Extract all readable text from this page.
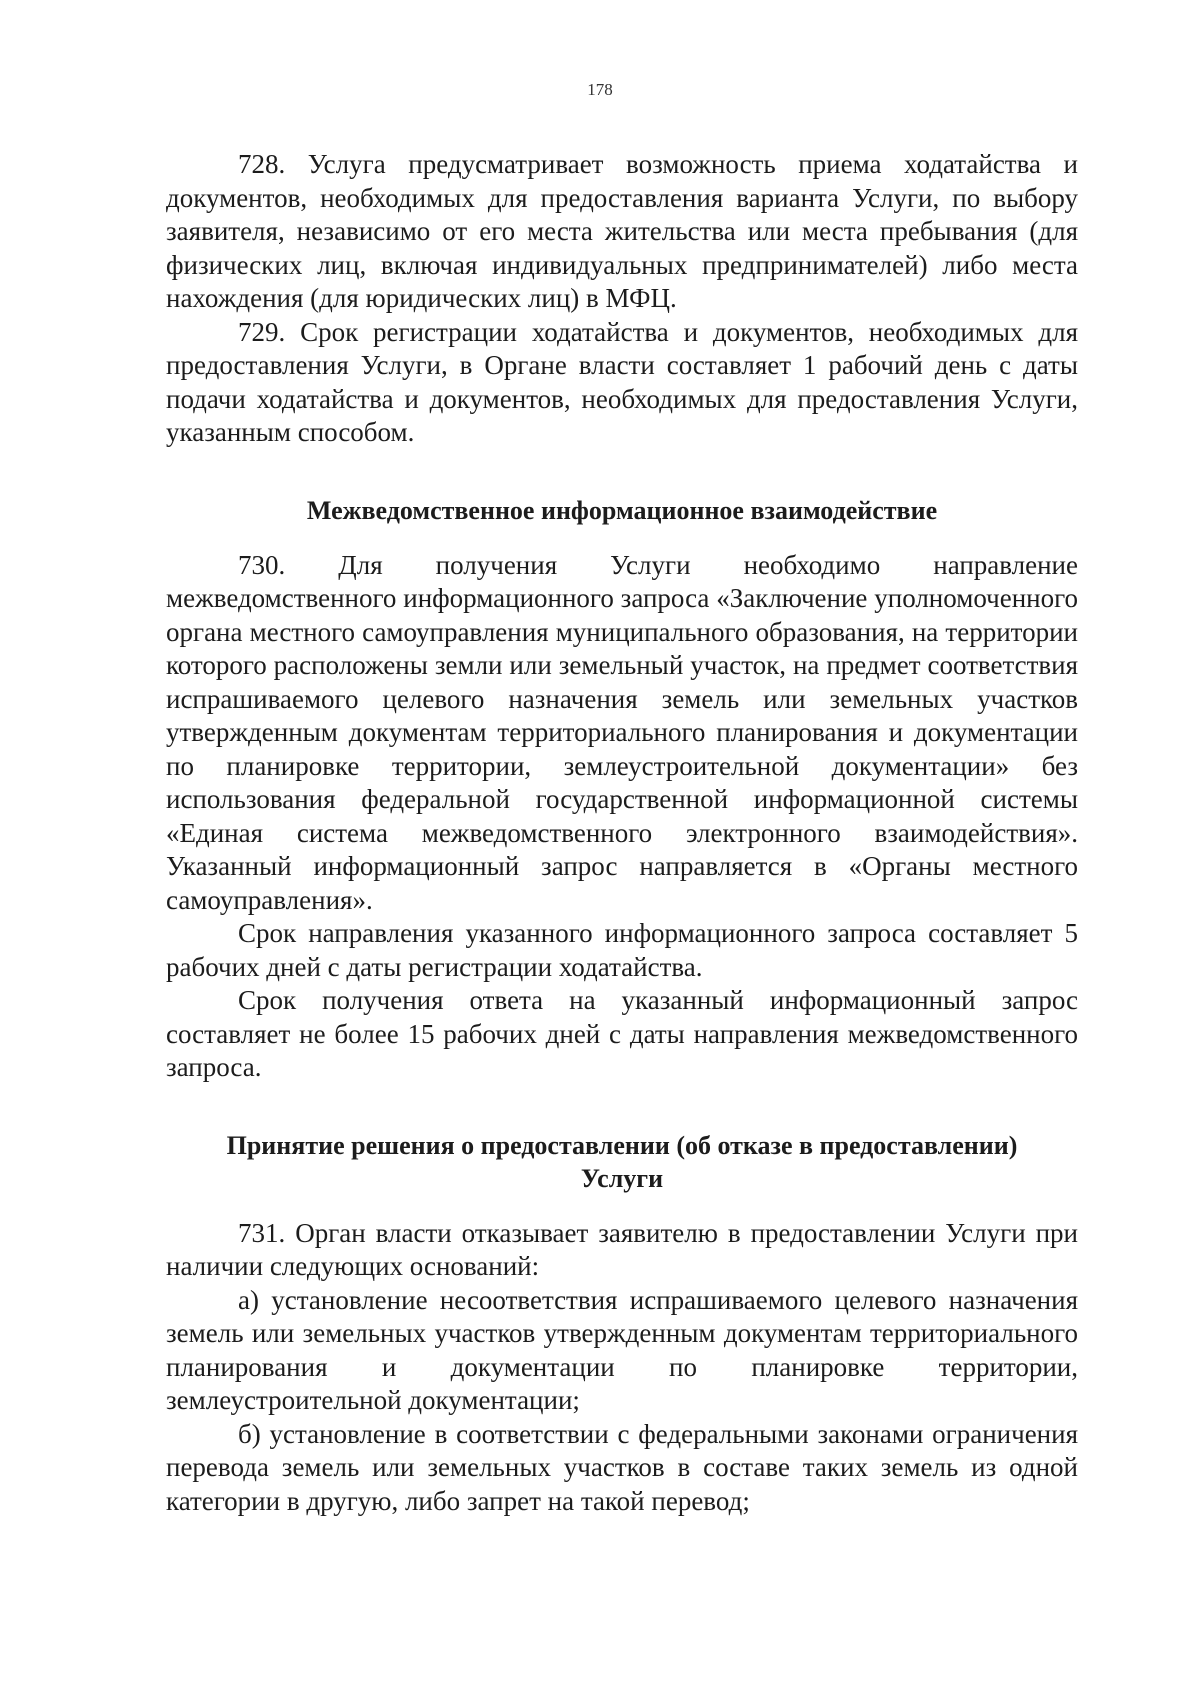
178

728. Услуга предусматривает возможность приема ходатайства и документов, необходимых для предоставления варианта Услуги, по выбору заявителя, независимо от его места жительства или места пребывания (для физических лиц, включая индивидуальных предпринимателей) либо места нахождения (для юридических лиц) в МФЦ.

729. Срок регистрации ходатайства и документов, необходимых для предоставления Услуги, в Органе власти составляет 1 рабочий день с даты подачи ходатайства и документов, необходимых для предоставления Услуги, указанным способом.

Межведомственное информационное взаимодействие

730. Для получения Услуги необходимо направление межведомственного информационного запроса «Заключение уполномоченного органа местного самоуправления муниципального образования, на территории которого расположены земли или земельный участок, на предмет соответствия испрашиваемого целевого назначения земель или земельных участков утвержденным документам территориального планирования и документации по планировке территории, землеустроительной документации» без использования федеральной государственной информационной системы «Единая система межведомственного электронного взаимодействия». Указанный информационный запрос направляется в «Органы местного самоуправления».

Срок направления указанного информационного запроса составляет 5 рабочих дней с даты регистрации ходатайства.

Срок получения ответа на указанный информационный запрос составляет не более 15 рабочих дней с даты направления межведомственного запроса.

Принятие решения о предоставлении (об отказе в предоставлении)
Услуги

731. Орган власти отказывает заявителю в предоставлении Услуги при наличии следующих оснований:

а) установление несоответствия испрашиваемого целевого назначения земель или земельных участков утвержденным документам территориального планирования и документации по планировке территории, землеустроительной документации;

б) установление в соответствии с федеральными законами ограничения перевода земель или земельных участков в составе таких земель из одной категории в другую, либо запрет на такой перевод;
